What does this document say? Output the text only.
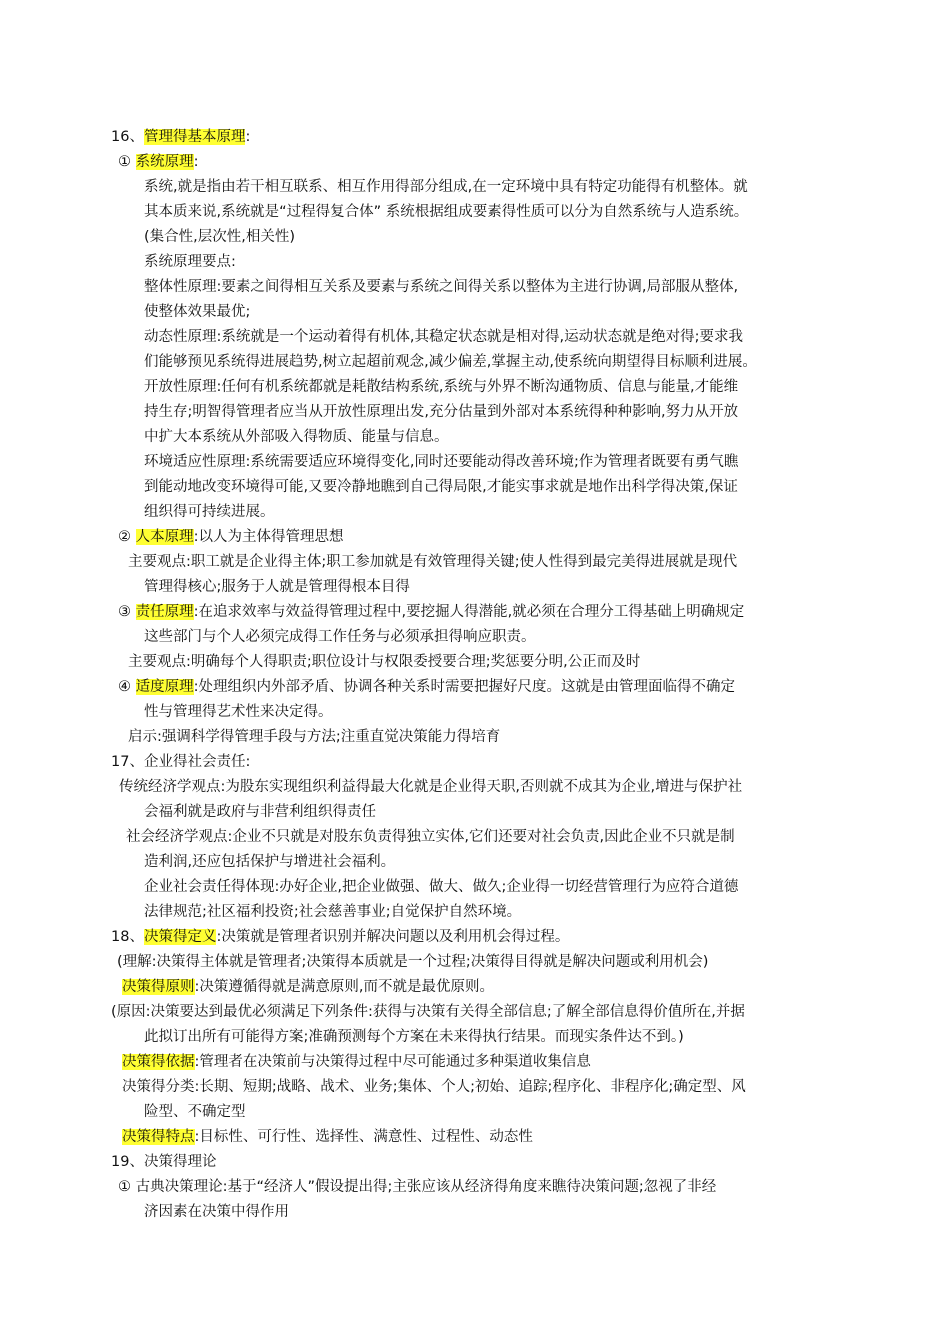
16、管理得基本原理:
① 系统原理:
系统,就是指由若干相互联系、相互作用得部分组成,在一定环境中具有特定功能得有机整体。就
其本质来说,系统就是“过程得复合体” 系统根据组成要素得性质可以分为自然系统与人造系统。
(集合性,层次性,相关性)
系统原理要点:
整体性原理:要素之间得相互关系及要素与系统之间得关系以整体为主进行协调,局部服从整体,
使整体效果最优;
动态性原理:系统就是一个运动着得有机体,其稳定状态就是相对得,运动状态就是绝对得;要求我
们能够预见系统得进展趋势,树立起超前观念,减少偏差,掌握主动,使系统向期望得目标顺利进展。
开放性原理:任何有机系统都就是耗散结构系统,系统与外界不断沟通物质、信息与能量,才能维
持生存;明智得管理者应当从开放性原理出发,充分估量到外部对本系统得种种影响,努力从开放
中扩大本系统从外部吸入得物质、能量与信息。
环境适应性原理:系统需要适应环境得变化,同时还要能动得改善环境;作为管理者既要有勇气瞧
到能动地改变环境得可能,又要冷静地瞧到自己得局限,才能实事求就是地作出科学得决策,保证
组织得可持续进展。
② 人本原理:以人为主体得管理思想
主要观点:职工就是企业得主体;职工参加就是有效管理得关键;使人性得到最完美得进展就是现代
管理得核心;服务于人就是管理得根本目得
③ 责任原理:在追求效率与效益得管理过程中,要挖掘人得潜能,就必须在合理分工得基础上明确规定
这些部门与个人必须完成得工作任务与必须承担得响应职责。
主要观点:明确每个人得职责;职位设计与权限委授要合理;奖惩要分明,公正而及时
④ 适度原理:处理组织内外部矛盾、协调各种关系时需要把握好尺度。这就是由管理面临得不确定
性与管理得艺术性来决定得。
启示:强调科学得管理手段与方法;注重直觉决策能力得培育
17、企业得社会责任:
传统经济学观点:为股东实现组织利益得最大化就是企业得天职,否则就不成其为企业,增进与保护社
会福利就是政府与非营利组织得责任
社会经济学观点:企业不只就是对股东负责得独立实体,它们还要对社会负责,因此企业不只就是制
造利润,还应包括保护与增进社会福利。
企业社会责任得体现:办好企业,把企业做强、做大、做久;企业得一切经营管理行为应符合道德
法律规范;社区福利投资;社会慈善事业;自觉保护自然环境。
18、决策得定义:决策就是管理者识别并解决问题以及利用机会得过程。
(理解:决策得主体就是管理者;决策得本质就是一个过程;决策得目得就是解决问题或利用机会)
决策得原则:决策遵循得就是满意原则,而不就是最优原则。
(原因:决策要达到最优必须满足下列条件:获得与决策有关得全部信息;了解全部信息得价值所在,并据
此拟订出所有可能得方案;准确预测每个方案在未来得执行结果。而现实条件达不到。)
决策得依据:管理者在决策前与决策得过程中尽可能通过多种渠道收集信息
决策得分类:长期、短期;战略、战术、业务;集体、个人;初始、追踪;程序化、非程序化;确定型、风
险型、不确定型
决策得特点:目标性、可行性、选择性、满意性、过程性、动态性
19、决策得理论
① 古典决策理论:基于“经济人”假设提出得;主张应该从经济得角度来瞧待决策问题;忽视了非经
济因素在决策中得作用
